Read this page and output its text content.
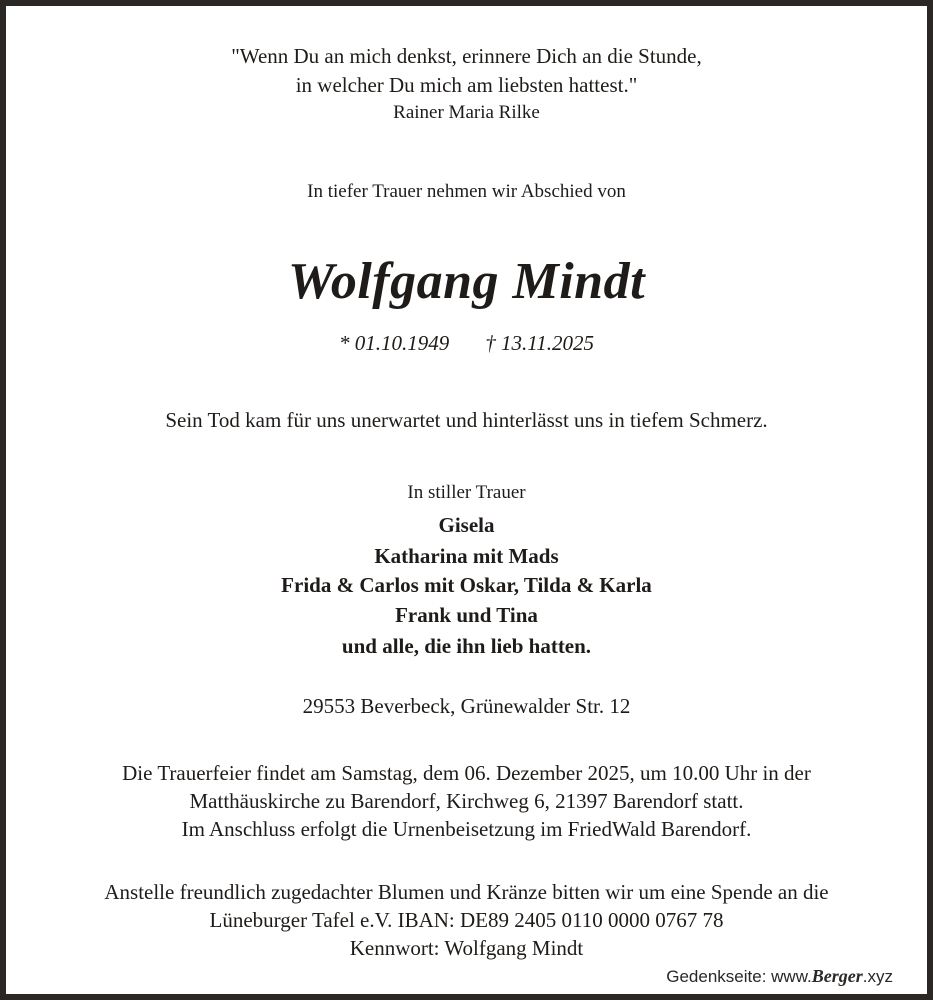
"Wenn Du an mich denkst, erinnere Dich an die Stunde,
in welcher Du mich am liebsten hattest."
Rainer Maria Rilke
In tiefer Trauer nehmen wir Abschied von
Wolfgang Mindt
* 01.10.1949 † 13.11.2025
Sein Tod kam für uns unerwartet und hinterlässt uns in tiefem Schmerz.
In stiller Trauer
Gisela
Katharina mit Mads
Frida & Carlos mit Oskar, Tilda & Karla
Frank und Tina
und alle, die ihn lieb hatten.
29553 Beverbeck, Grünewalder Str. 12
Die Trauerfeier findet am Samstag, dem 06. Dezember 2025, um 10.00 Uhr in der
Matthäuskirche zu Barendorf, Kirchweg 6, 21397 Barendorf statt.
Im Anschluss erfolgt die Urnenbeisetzung im FriedWald Barendorf.
Anstelle freundlich zugedachter Blumen und Kränze bitten wir um eine Spende an die
Lüneburger Tafel e.V. IBAN: DE89 2405 0110 0000 0767 78
Kennwort: Wolfgang Mindt
Gedenkseite: www.Berger.xyz
